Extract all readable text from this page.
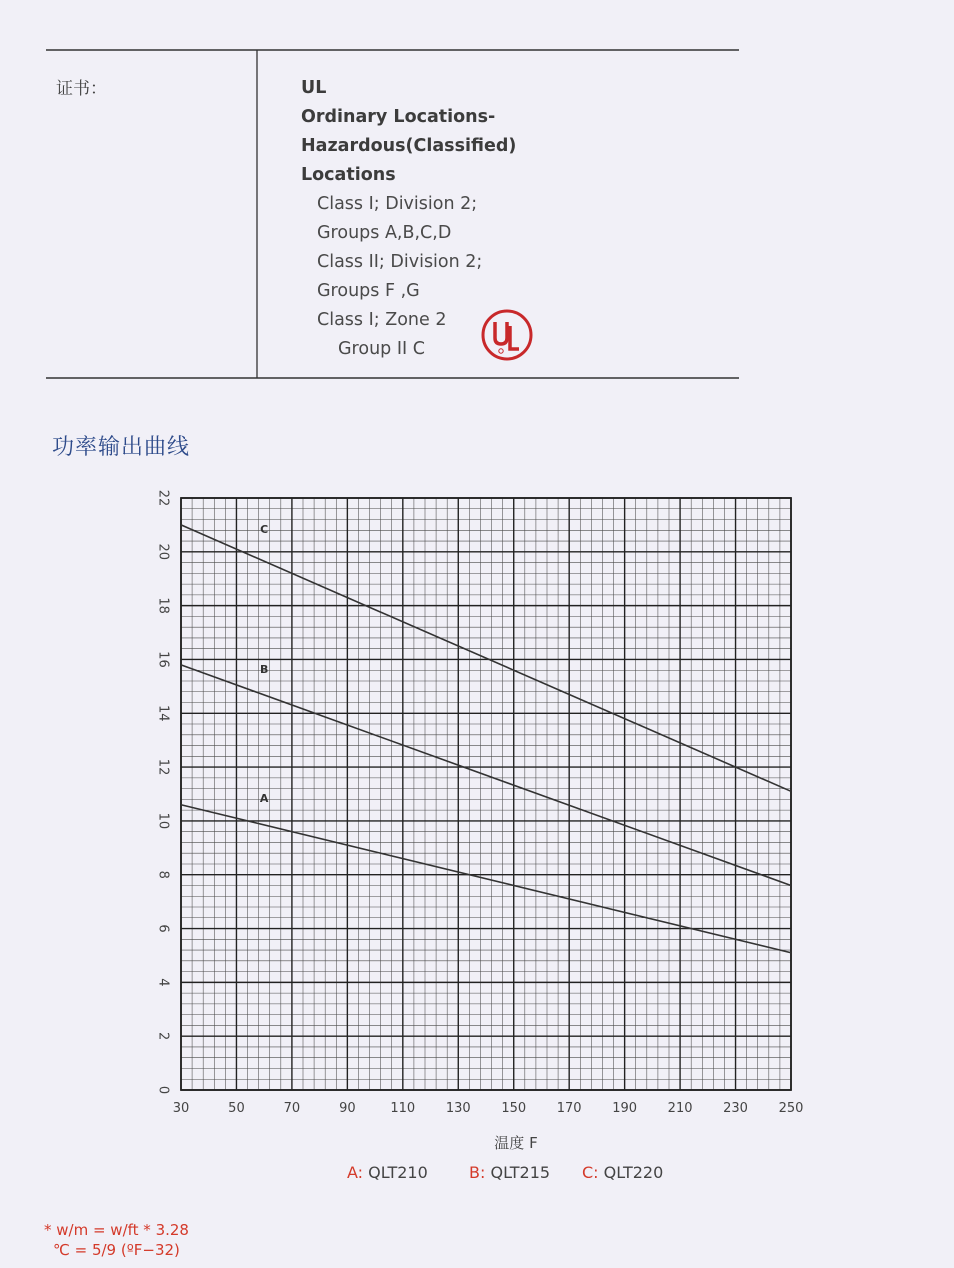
证书：	UL
Ordinary Locations-
Hazardous(Classified)
Locations
Class I; Division 2;
Groups A,B,C,D
Class II; Division 2;
Groups F ,G
Class I; Zone 2
Group II C
功率输出曲线
30	50	70	90	110 130 150 170 190 210 230 250
0
2
4
6
8
10
12
14
16
18
20
22
A
B
C
温度 F
A: QLT210	B: QLT215 C: QLT220
* w/m = w/ft * 3.28
℃ = 5/9 (ºF−32)
